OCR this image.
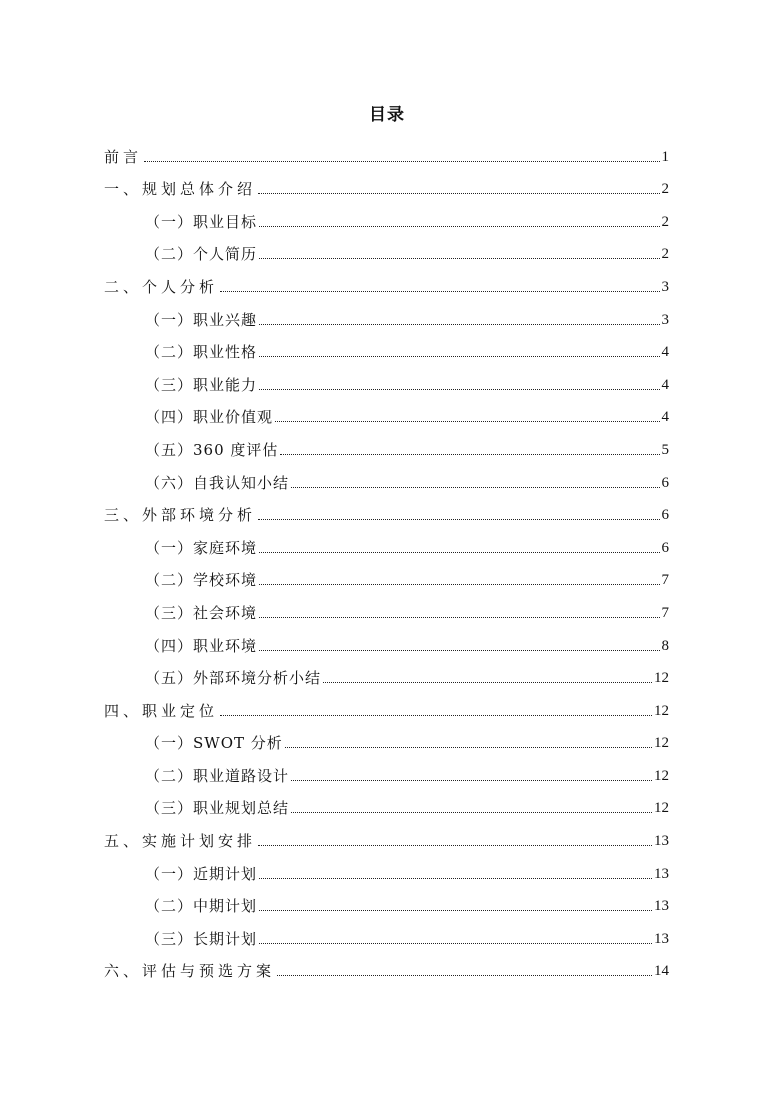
目录
前言	1
一、规划总体介绍	2
（一）职业目标	2
（二）个人简历	2
二、个人分析	3
（一）职业兴趣	3
（二）职业性格	4
（三）职业能力	4
（四）职业价值观	4
（五）360 度评估	5
（六）自我认知小结	6
三、外部环境分析	6
（一）家庭环境	6
（二）学校环境	7
（三）社会环境	7
（四）职业环境	8
（五）外部环境分析小结	12
四、职业定位	12
（一）SWOT 分析	12
（二）职业道路设计	12
（三）职业规划总结	12
五、实施计划安排	13
（一）近期计划	13
（二）中期计划	13
（三）长期计划	13
六、评估与预选方案	14
